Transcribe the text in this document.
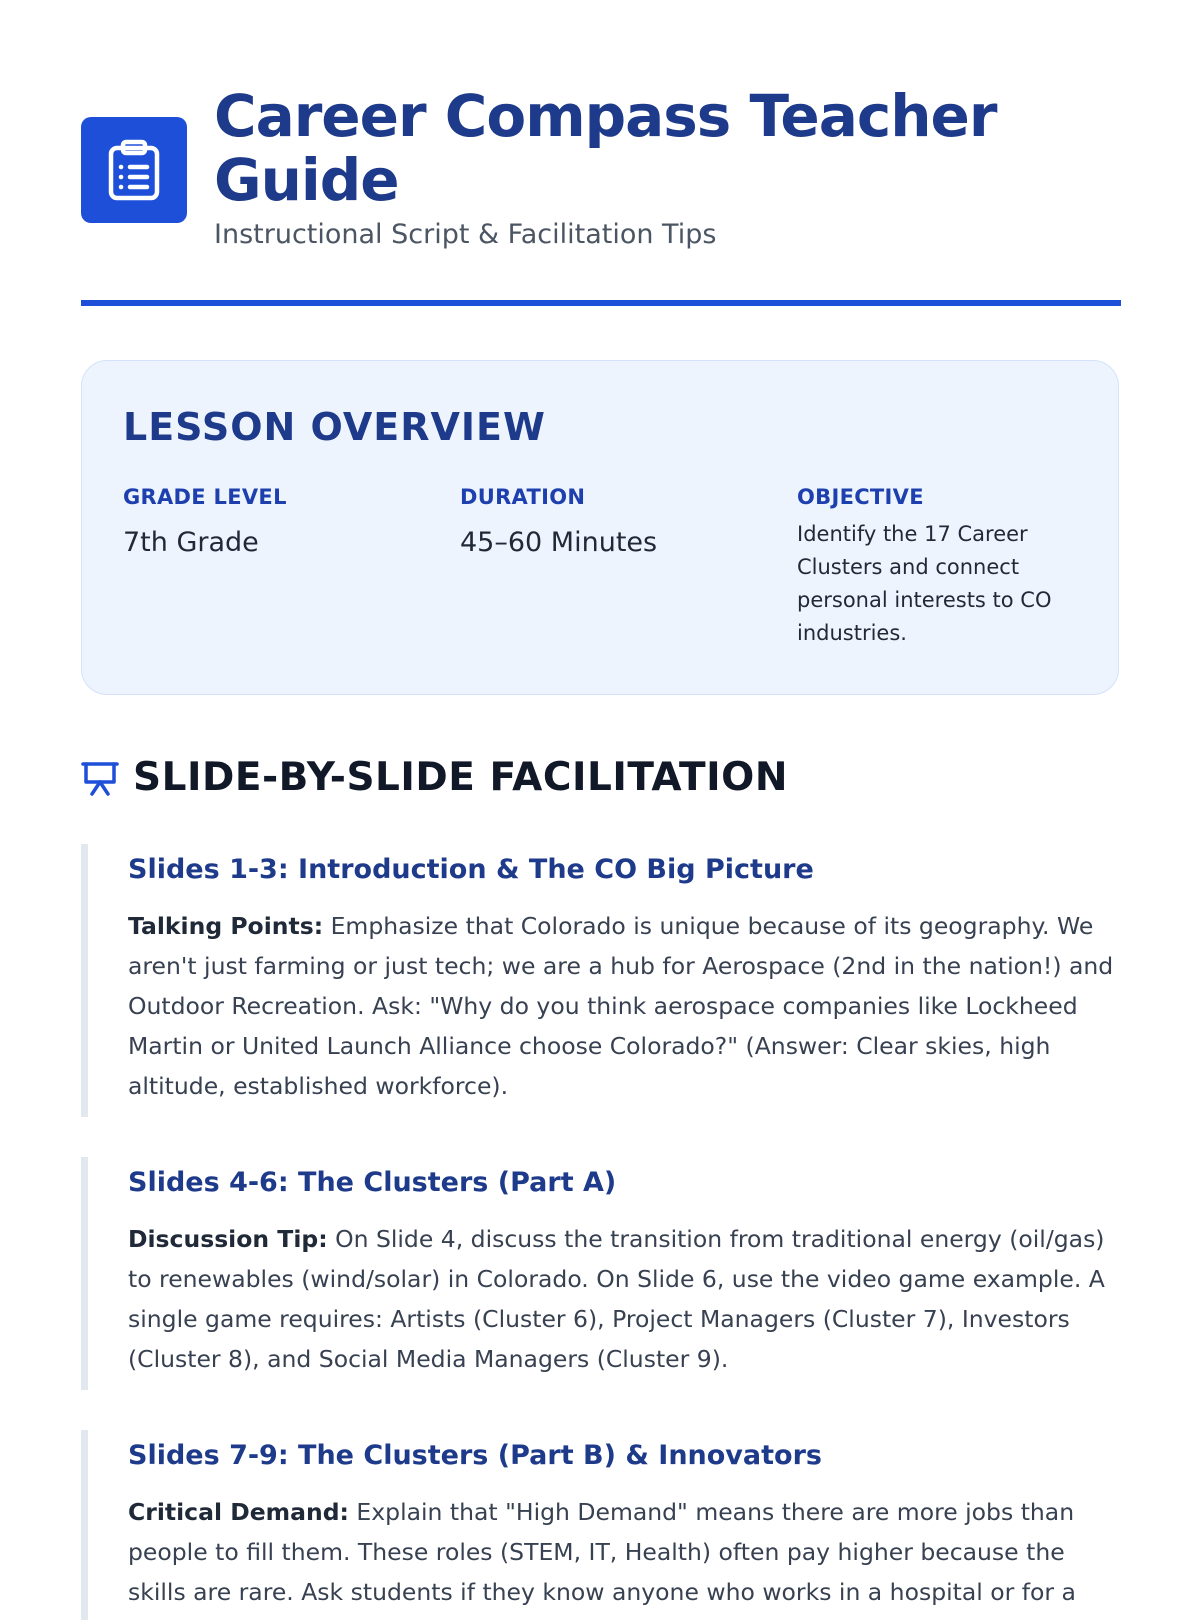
Career Compass Teacher Guide
Instructional Script & Facilitation Tips
LESSON OVERVIEW
GRADE LEVEL
7th Grade
DURATION
45–60 Minutes
OBJECTIVE
Identify the 17 Career Clusters and connect personal interests to CO industries.
SLIDE-BY-SLIDE FACILITATION
Slides 1-3: Introduction & The CO Big Picture

Talking Points: Emphasize that Colorado is unique because of its geography. We aren't just farming or just tech; we are a hub for Aerospace (2nd in the nation!) and Outdoor Recreation. Ask: "Why do you think aerospace companies like Lockheed Martin or United Launch Alliance choose Colorado?" (Answer: Clear skies, high altitude, established workforce).

Slides 4-6: The Clusters (Part A)

Discussion Tip: On Slide 4, discuss the transition from traditional energy (oil/gas) to renewables (wind/solar) in Colorado. On Slide 6, use the video game example. A single game requires: Artists (Cluster 6), Project Managers (Cluster 7), Investors (Cluster 8), and Social Media Managers (Cluster 9).

Slides 7-9: The Clusters (Part B) & Innovators

Critical Demand: Explain that "High Demand" means there are more jobs than people to fill them. These roles (STEM, IT, Health) often pay higher because the skills are rare. Ask students if they know anyone who works in a hospital or for a
